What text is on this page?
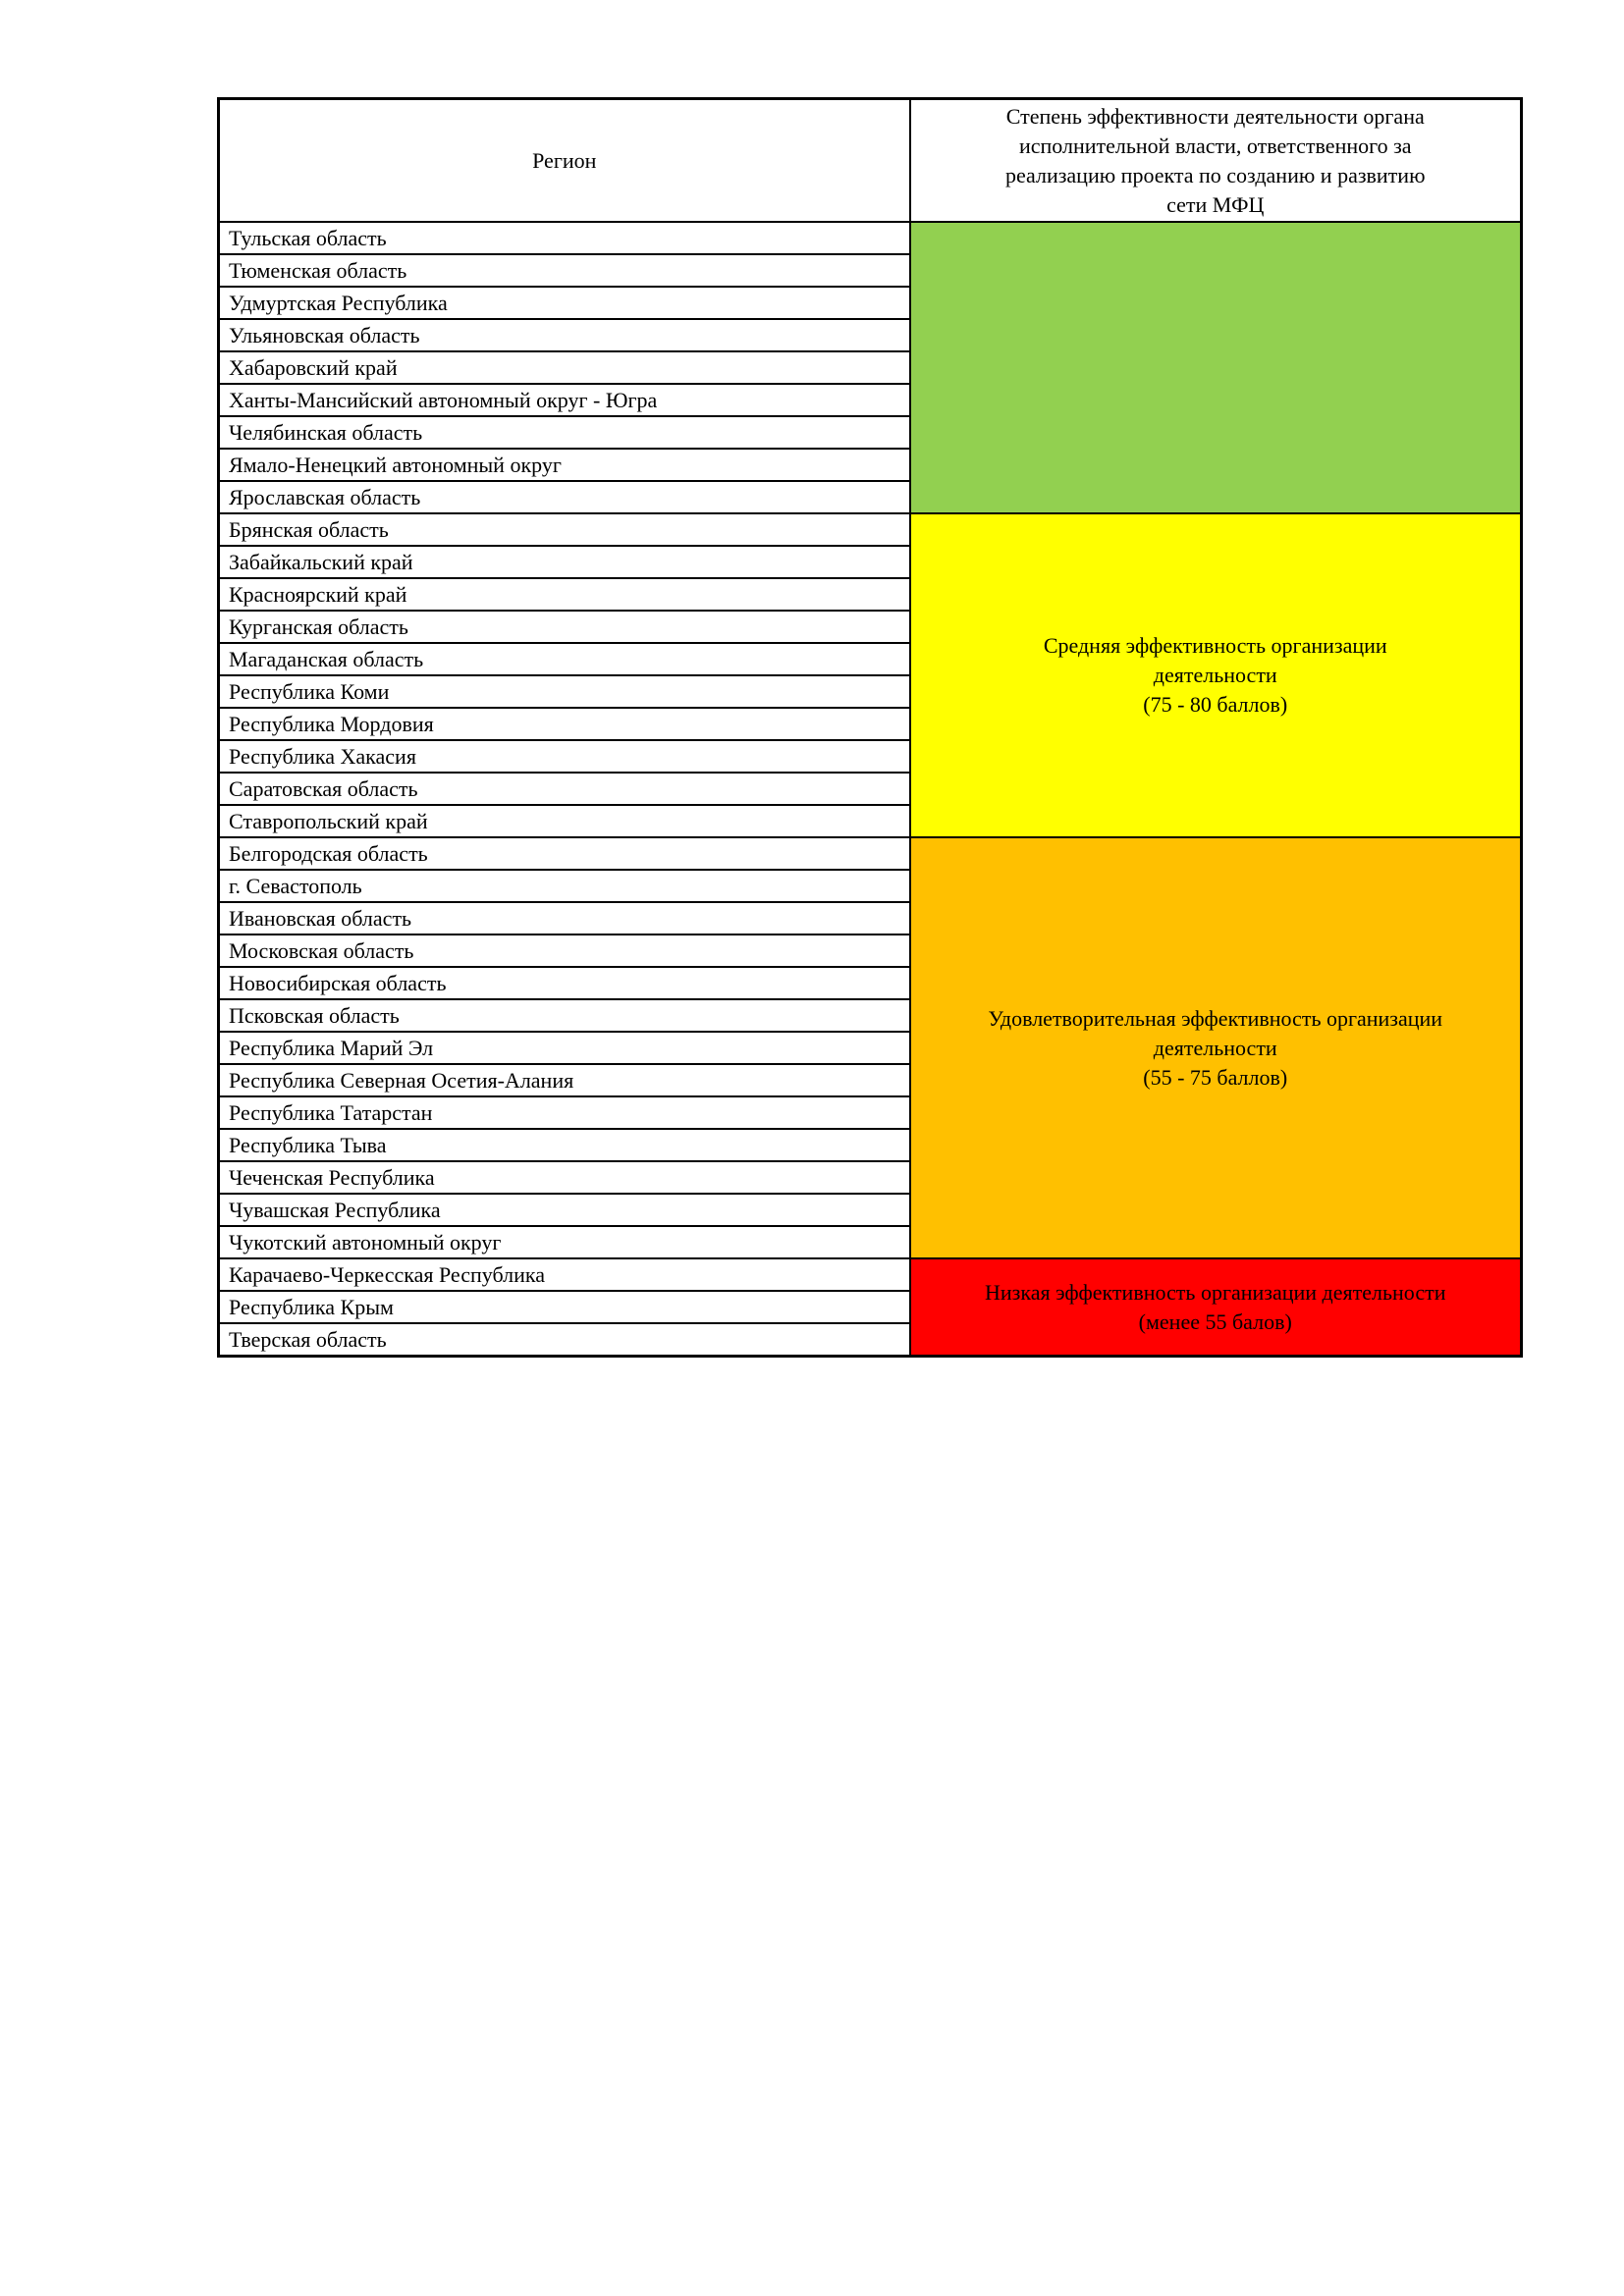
Регион	Степень эффективности деятельности органа
исполнительной власти, ответственного за
реализацию проекта по созданию и развитию
сети МФЦ

Тульская область	
Тюменская область	
Удмуртская Республика	
Ульяновская область	
Хабаровский край	
Ханты-Мансийский автономный округ - Югра	
Челябинская область	
Ямало-Ненецкий автономный округ	
Ярославская область	
Брянская область	Средняя эффективность организации
деятельности
(75 - 80 баллов)

Забайкальский край	
Красноярский край	
Курганская область	
Магаданская область	
Республика Коми	
Республика Мордовия	
Республика Хакасия	
Саратовская область	
Ставропольский край	
Белгородская область	Удовлетворительная эффективность организации
деятельности
(55 - 75 баллов)

г. Севастополь	
Ивановская область	
Московская область	
Новосибирская область	
Псковская область	
Республика Марий Эл	
Республика Северная Осетия-Алания	
Республика Татарстан	
Республика Тыва	
Чеченская Республика	
Чувашская Республика	
Чукотский автономный округ	
Карачаево-Черкесская Республика	Низкая эффективность организации деятельности
(менее 55 балов)

Республика Крым	
Тверская область	
